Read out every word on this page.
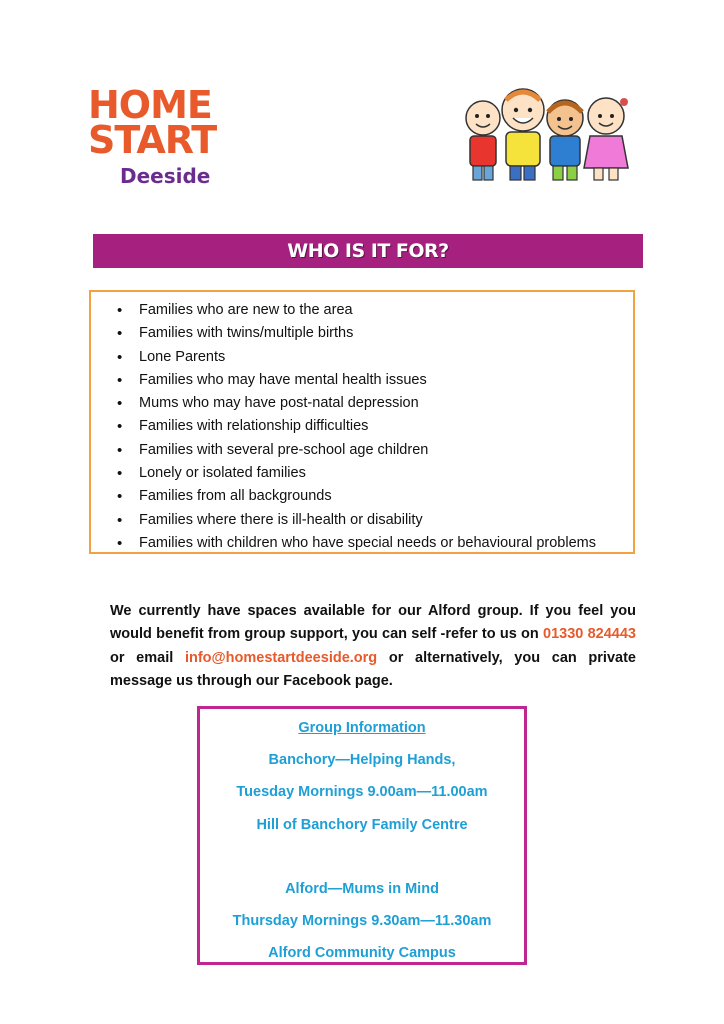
HOME
START
Deeside
WHO IS IT FOR?
• Families who are new to the area
• Families with twins/multiple births
• Lone Parents
• Families who may have mental health issues
• Mums who may have post-natal depression
• Families with relationship difficulties
• Families with several pre-school age children
• Lonely or isolated families
• Families from all backgrounds
• Families where there is ill-health or disability
• Families with children who have special needs or behavioural problems

We currently have spaces available for our Alford group. If you feel you would benefit from group support, you can self -refer to us on 01330 824443 or email info@homestartdeeside.org or alternatively, you can private message us through our Facebook page.

Group Information
Banchory—Helping Hands,
Tuesday Mornings 9.00am—11.00am
Hill of Banchory Family Centre
Alford—Mums in Mind
Thursday Mornings 9.30am—11.30am
Alford Community Campus
